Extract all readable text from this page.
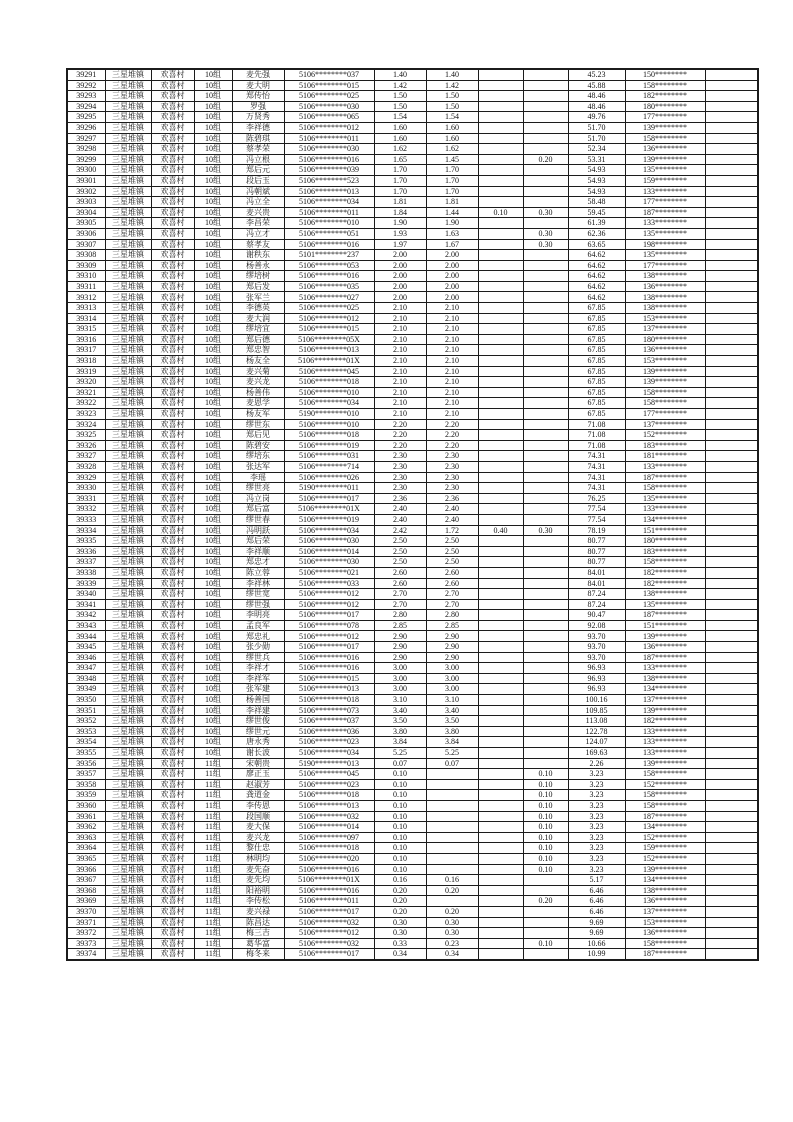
39291	三星堆镇	欢喜村	10组	麦先强	5106********037	1.40	1.40			45.23	150********	
39292	三星堆镇	欢喜村	10组	麦大明	5106********015	1.42	1.42			45.88	158********	
39293	三星堆镇	欢喜村	10组	郑传怡	5106********025	1.50	1.50			48.46	182********	
39294	三星堆镇	欢喜村	10组	罗强	5106********030	1.50	1.50			48.46	180********	
39295	三星堆镇	欢喜村	10组	万贤秀	5106********065	1.54	1.54			49.76	177********	
39296	三星堆镇	欢喜村	10组	李祥德	5106********012	1.60	1.60			51.70	139********	
39297	三星堆镇	欢喜村	10组	陈碧琪	5106********011	1.60	1.60			51.70	158********	
39298	三星堆镇	欢喜村	10组	蔡孝荣	5106********030	1.62	1.62			52.34	136********	
39299	三星堆镇	欢喜村	10组	冯立根	5106********016	1.65	1.45		0.20	53.31	139********	
39300	三星堆镇	欢喜村	10组	郑后元	5106********039	1.70	1.70			54.93	135********	
39301	三星堆镇	欢喜村	10组	段后玉	5106********523	1.70	1.70			54.93	159********	
39302	三星堆镇	欢喜村	10组	冯朝斌	5106********013	1.70	1.70			54.93	133********	
39303	三星堆镇	欢喜村	10组	冯立全	5106********034	1.81	1.81			58.48	177********	
39304	三星堆镇	欢喜村	10组	麦兴贵	5106********011	1.84	1.44	0.10	0.30	59.45	187********	
39305	三星堆镇	欢喜村	10组	李昌荣	5106********010	1.90	1.90			61.39	133********	
39306	三星堆镇	欢喜村	10组	冯立才	5106********051	1.93	1.63		0.30	62.36	135********	
39307	三星堆镇	欢喜村	10组	蔡孝友	5106********016	1.97	1.67		0.30	63.65	198********	
39308	三星堆镇	欢喜村	10组	谢秩东	5101********237	2.00	2.00			64.62	135********	
39309	三星堆镇	欢喜村	10组	杨善永	5106********053	2.00	2.00			64.62	177********	
39310	三星堆镇	欢喜村	10组	缪培树	5106********016	2.00	2.00			64.62	138********	
39311	三星堆镇	欢喜村	10组	郑后发	5106********035	2.00	2.00			64.62	136********	
39312	三星堆镇	欢喜村	10组	张军兰	5106********027	2.00	2.00			64.62	138********	
39313	三星堆镇	欢喜村	10组	李德英	5106********025	2.10	2.10			67.85	138********	
39314	三星堆镇	欢喜村	10组	麦大润	5106********012	2.10	2.10			67.85	153********	
39315	三星堆镇	欢喜村	10组	缪培宜	5106********015	2.10	2.10			67.85	137********	
39316	三星堆镇	欢喜村	10组	郑后德	5106********05X	2.10	2.10			67.85	180********	
39317	三星堆镇	欢喜村	10组	郑忠智	5106********013	2.10	2.10			67.85	136********	
39318	三星堆镇	欢喜村	10组	杨友全	5106********01X	2.10	2.10			67.85	153********	
39319	三星堆镇	欢喜村	10组	麦兴菊	5106********045	2.10	2.10			67.85	139********	
39320	三星堆镇	欢喜村	10组	麦兴龙	5106********018	2.10	2.10			67.85	139********	
39321	三星堆镇	欢喜村	10组	杨善伟	5106********010	2.10	2.10			67.85	158********	
39322	三星堆镇	欢喜村	10组	麦恩学	5106********034	2.10	2.10			67.85	158********	
39323	三星堆镇	欢喜村	10组	杨友军	5190********010	2.10	2.10			67.85	177********	
39324	三星堆镇	欢喜村	10组	缪世东	5106********010	2.20	2.20			71.08	137********	
39325	三星堆镇	欢喜村	10组	郑后见	5106********018	2.20	2.20			71.08	152********	
39326	三星堆镇	欢喜村	10组	陈碧安	5106********019	2.20	2.20			71.08	183********	
39327	三星堆镇	欢喜村	10组	缪培东	5106********031	2.30	2.30			74.31	181********	
39328	三星堆镇	欢喜村	10组	张达军	5106********714	2.30	2.30			74.31	133********	
39329	三星堆镇	欢喜村	10组	李瑶	5106********026	2.30	2.30			74.31	187********	
39330	三星堆镇	欢喜村	10组	缪世亮	5190********011	2.30	2.30			74.31	158********	
39331	三星堆镇	欢喜村	10组	冯立岗	5106********017	2.36	2.36			76.25	135********	
39332	三星堆镇	欢喜村	10组	郑后富	5106********01X	2.40	2.40			77.54	133********	
39333	三星堆镇	欢喜村	10组	缪世春	5106********019	2.40	2.40			77.54	134********	
39334	三星堆镇	欢喜村	10组	冯明跃	5106********034	2.42	1.72	0.40	0.30	78.19	151********	
39335	三星堆镇	欢喜村	10组	郑后荣	5106********030	2.50	2.50			80.77	180********	
39336	三星堆镇	欢喜村	10组	李祥顺	5106********014	2.50	2.50			80.77	183********	
39337	三星堆镇	欢喜村	10组	郑忠才	5106********030	2.50	2.50			80.77	158********	
39338	三星堆镇	欢喜村	10组	陈立蓉	5106********021	2.60	2.60			84.01	182********	
39339	三星堆镇	欢喜村	10组	李祥林	5106********033	2.60	2.60			84.01	182********	
39340	三星堆镇	欢喜村	10组	缪世宽	5106********012	2.70	2.70			87.24	138********	
39341	三星堆镇	欢喜村	10组	缪世强	5106********012	2.70	2.70			87.24	135********	
39342	三星堆镇	欢喜村	10组	李明亮	5106********017	2.80	2.80			90.47	187********	
39343	三星堆镇	欢喜村	10组	孟良军	5106********078	2.85	2.85			92.08	151********	
39344	三星堆镇	欢喜村	10组	郑忠礼	5106********012	2.90	2.90			93.70	139********	
39345	三星堆镇	欢喜村	10组	张少勋	5106********017	2.90	2.90			93.70	136********	
39346	三星堆镇	欢喜村	10组	缪世兵	5106********016	2.90	2.90			93.70	187********	
39347	三星堆镇	欢喜村	10组	李祥才	5106********016	3.00	3.00			96.93	133********	
39348	三星堆镇	欢喜村	10组	李祥军	5106********015	3.00	3.00			96.93	138********	
39349	三星堆镇	欢喜村	10组	张军建	5106********013	3.00	3.00			96.93	134********	
39350	三星堆镇	欢喜村	10组	杨善国	5106********018	3.10	3.10			100.16	137********	
39351	三星堆镇	欢喜村	10组	李祥建	5106********073	3.40	3.40			109.85	139********	
39352	三星堆镇	欢喜村	10组	缪世俊	5106********037	3.50	3.50			113.08	182********	
39353	三星堆镇	欢喜村	10组	缪世元	5106********036	3.80	3.80			122.78	133********	
39354	三星堆镇	欢喜村	10组	唐永秀	5106********023	3.84	3.84			124.07	133********	
39355	三星堆镇	欢喜村	10组	谢长波	5106********034	5.25	5.25			169.63	133********	
39356	三星堆镇	欢喜村	11组	宋朝贵	5190********013	0.07	0.07			2.26	139********	
39357	三星堆镇	欢喜村	11组	廖正玉	5106********045	0.10			0.10	3.23	158********	
39358	三星堆镇	欢喜村	11组	赵淑芳	5106********023	0.10			0.10	3.23	152********	
39359	三星堆镇	欢喜村	11组	龚道金	5106********018	0.10			0.10	3.23	158********	
39360	三星堆镇	欢喜村	11组	李传恩	5106********013	0.10			0.10	3.23	158********	
39361	三星堆镇	欢喜村	11组	段国顺	5106********032	0.10			0.10	3.23	187********	
39362	三星堆镇	欢喜村	11组	麦大保	5106********014	0.10			0.10	3.23	134********	
39363	三星堆镇	欢喜村	11组	麦兴龙	5106********097	0.10			0.10	3.23	152********	
39364	三星堆镇	欢喜村	11组	黎仕忠	5106********018	0.10			0.10	3.23	159********	
39365	三星堆镇	欢喜村	11组	林明均	5106********020	0.10			0.10	3.23	152********	
39366	三星堆镇	欢喜村	11组	麦先奋	5106********016	0.10			0.10	3.23	139********	
39367	三星堆镇	欢喜村	11组	麦先均	5106********01X	0.16	0.16			5.17	134********	
39368	三星堆镇	欢喜村	11组	阳裕明	5106********016	0.20	0.20			6.46	138********	
39369	三星堆镇	欢喜村	11组	李传松	5106********011	0.20			0.20	6.46	136********	
39370	三星堆镇	欢喜村	11组	麦兴禄	5106********017	0.20	0.20			6.46	137********	
39371	三星堆镇	欢喜村	11组	陈昌达	5106********032	0.30	0.30			9.69	153********	
39372	三星堆镇	欢喜村	11组	梅三吉	5106********012	0.30	0.30			9.69	136********	
39373	三星堆镇	欢喜村	11组	葛华富	5106********032	0.33	0.23		0.10	10.66	158********	
39374	三星堆镇	欢喜村	11组	梅冬来	5106********017	0.34	0.34			10.99	187********	
